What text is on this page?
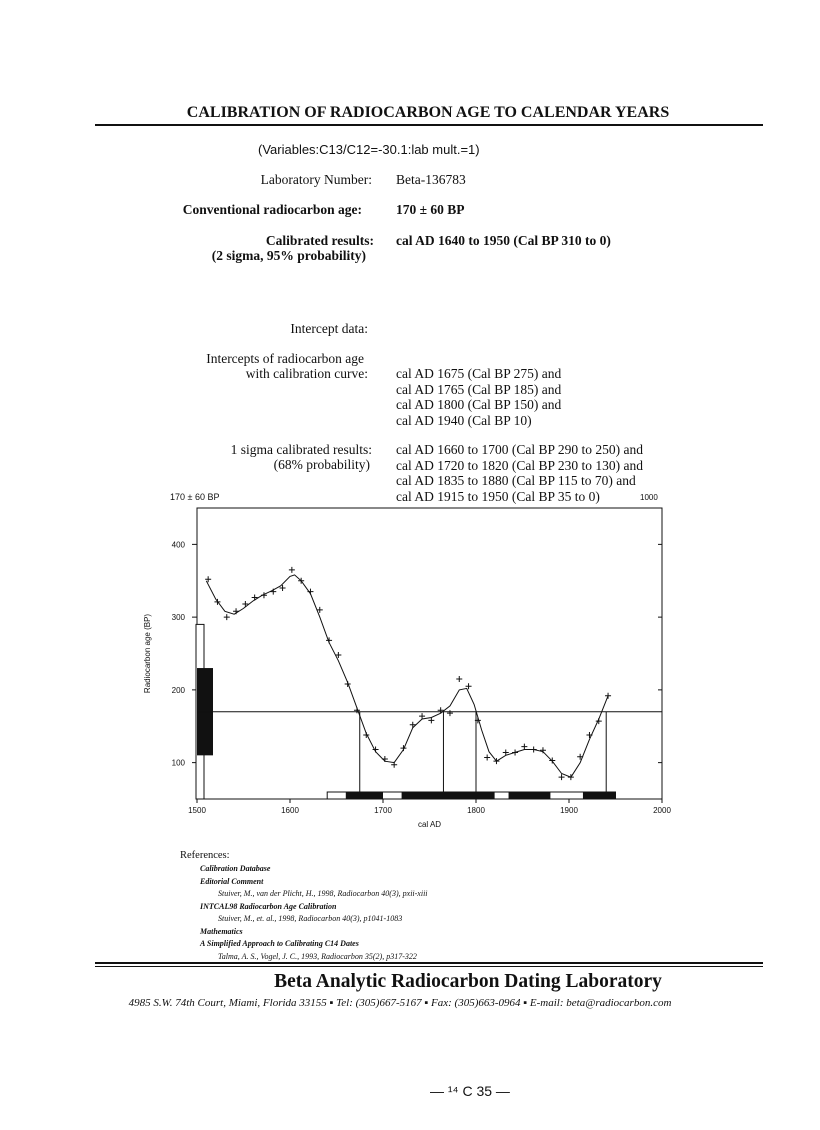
CALIBRATION OF RADIOCARBON AGE TO CALENDAR YEARS
(Variables:C13/C12=-30.1:lab mult.=1)
Laboratory Number: Beta-136783
Conventional radiocarbon age:	170 ± 60 BP
Calibrated results:
(2 sigma, 95% probability)
cal AD 1640 to 1950 (Cal BP 310 to 0)
Intercept data:
Intercepts of radiocarbon age
with calibration curve: cal AD 1675 (Cal BP 275) and
cal AD 1765 (Cal BP 185) and
cal AD 1800 (Cal BP 150) and
cal AD 1940 (Cal BP 10)
1 sigma calibrated results:
(68% probability)
cal AD 1660 to 1700 (Cal BP 290 to 250) and
cal AD 1720 to 1820 (Cal BP 230 to 130) and
cal AD 1835 to 1880 (Cal BP 115 to 70) and
cal AD 1915 to 1950 (Cal BP 35 to 0)	1000
170 ± 60 BP
1500	1600	1700	1800	1900	2000
100
200
300
400
cal AD
Radiocarbon age (BP)
References:
Calibration Database
Editorial Comment
Stuiver, M., van der Plicht, H., 1998, Radiocarbon 40(3), pxii-xiii
INTCAL98 Radiocarbon Age Calibration
Stuiver, M., et. al., 1998, Radiocarbon 40(3), p1041-1083
Mathematics
A Simplified Approach to Calibrating C14 Dates
Talma, A. S., Vogel, J. C., 1993, Radiocarbon 35(2), p317-322
Beta Analytic Radiocarbon Dating Laboratory
4985 S.W. 74th Court, Miami, Florida 33155 ▪ Tel: (305)667-5167 ▪ Fax: (305)663-0964 ▪ E-mail: beta@radiocarbon.com
— ¹⁴ C 35 —
